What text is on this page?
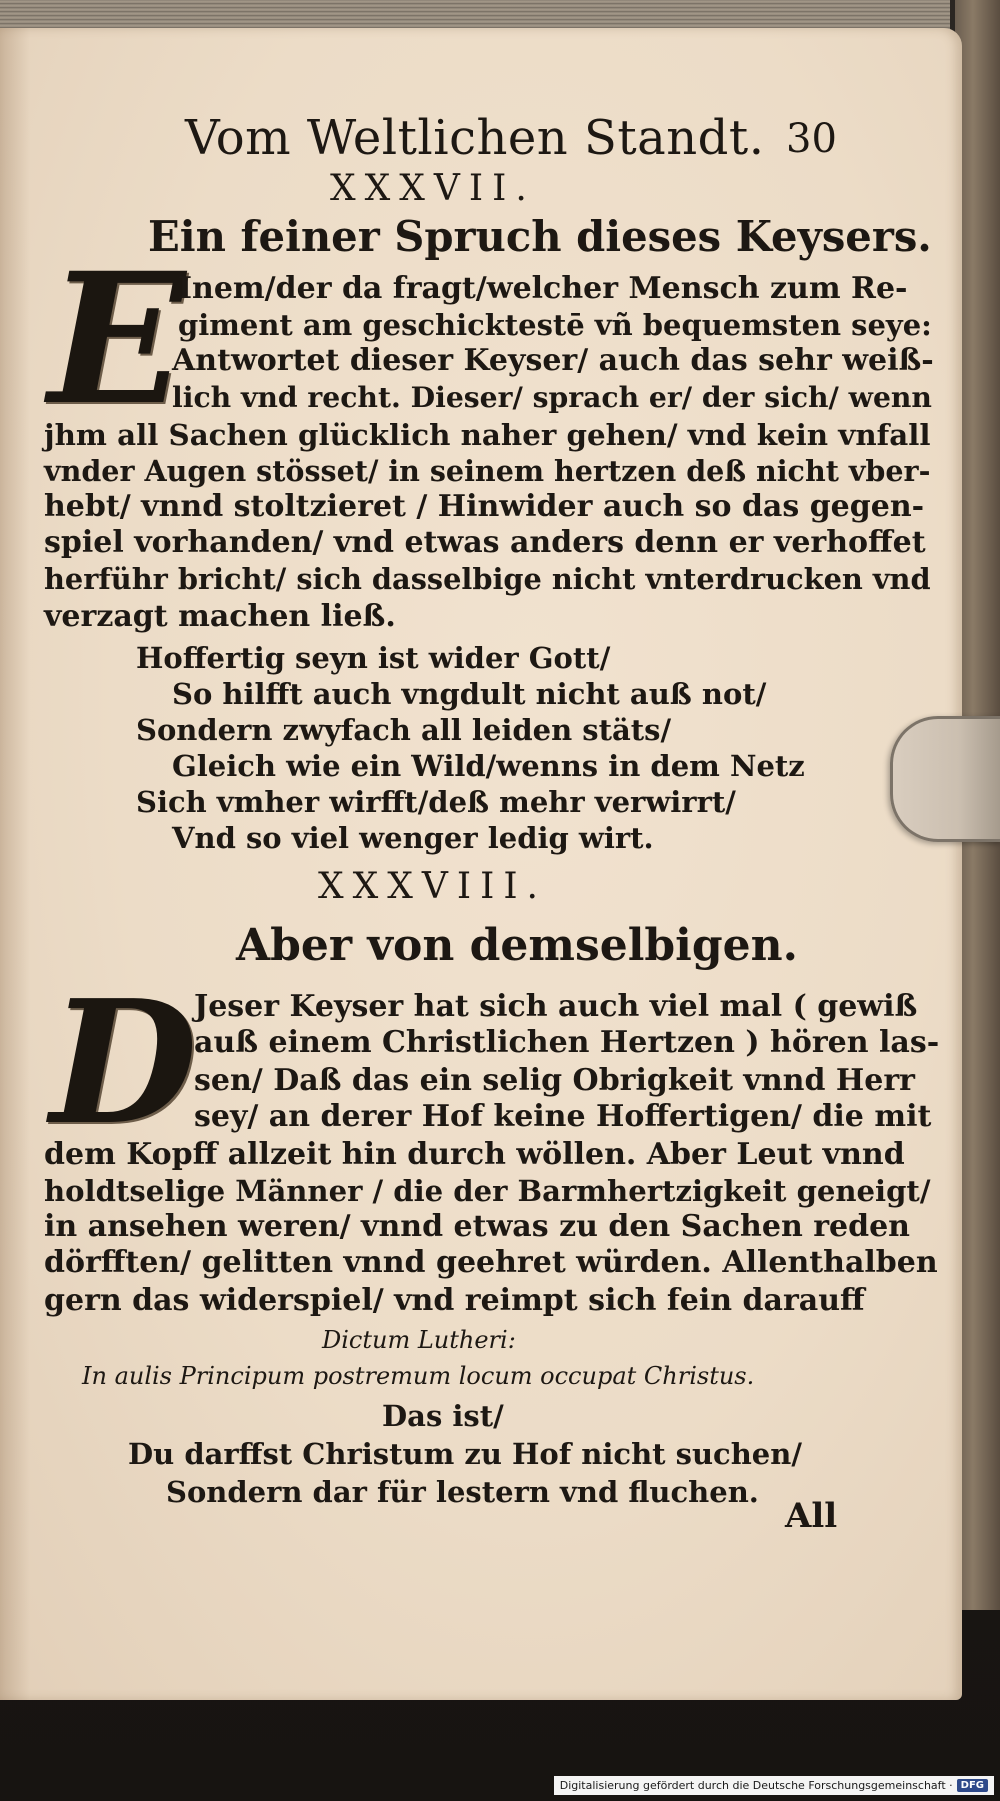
Vom Weltlichen Standt. 30
XXXVII.
Ein feiner Spruch dieses Keysers.
E
Inem/der da fragt/welcher Mensch zum Re-
giment am geschicktestē vñ bequemsten seye:
Antwortet dieser Keyser/ auch das sehr weiß-
lich vnd recht. Dieser/ sprach er/ der sich/ wenn
jhm all Sachen glücklich naher gehen/ vnd kein vnfall
vnder Augen stösset/ in seinem hertzen deß nicht vber-
hebt/ vnnd stoltzieret / Hinwider auch so das gegen-
spiel vorhanden/ vnd etwas anders denn er verhoffet
herführ bricht/ sich dasselbige nicht vnterdrucken vnd
verzagt machen ließ.
Hoffertig seyn ist wider Gott/
So hilfft auch vngdult nicht auß not/
Sondern zwyfach all leiden stäts/
Gleich wie ein Wild/wenns in dem Netz
Sich vmher wirfft/deß mehr verwirrt/
Vnd so viel wenger ledig wirt.
XXXVIII.
Aber von demselbigen.
D
Jeser Keyser hat sich auch viel mal ( gewiß
auß einem Christlichen Hertzen ) hören las-
sen/ Daß das ein selig Obrigkeit vnnd Herr
sey/ an derer Hof keine Hoffertigen/ die mit
dem Kopff allzeit hin durch wöllen. Aber Leut vnnd
holdtselige Männer / die der Barmhertzigkeit geneigt/
in ansehen weren/ vnnd etwas zu den Sachen reden
dörfften/ gelitten vnnd geehret würden. Allenthalben
gern das widerspiel/ vnd reimpt sich fein darauff
Dictum Lutheri:
In aulis Principum postremum locum occupat Christus.
Das ist/
Du darffst Christum zu Hof nicht suchen/
Sondern dar für lestern vnd fluchen.
All
Digitalisierung gefördert durch die Deutsche Forschungsgemeinschaft · DFG
